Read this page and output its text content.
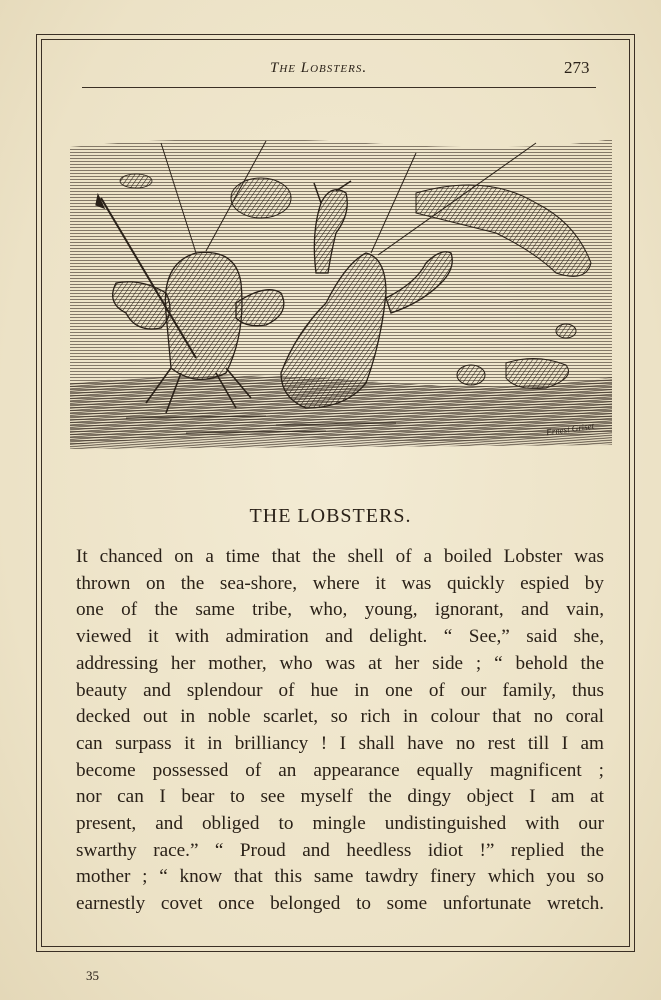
The Lobsters.	273
Ernest Griset
THE LOBSTERS.
It chanced on a time that the shell of a boiled Lobster was
thrown on the sea-shore, where it was quickly espied by
one of the same tribe, who, young, ignorant, and vain,
viewed it with admiration and delight. “ See,” said she,
addressing her mother, who was at her side ; “ behold the
beauty and splendour of hue in one of our family, thus
decked out in noble scarlet, so rich in colour that no coral
can surpass it in brilliancy ! I shall have no rest till I am
become possessed of an appearance equally magnificent ;
nor can I bear to see myself the dingy object I am at
present, and obliged to mingle undistinguished with our
swarthy race.” “ Proud and heedless idiot !” replied the
mother ; “ know that this same tawdry finery which you so
earnestly covet once belonged to some unfortunate wretch.
35
